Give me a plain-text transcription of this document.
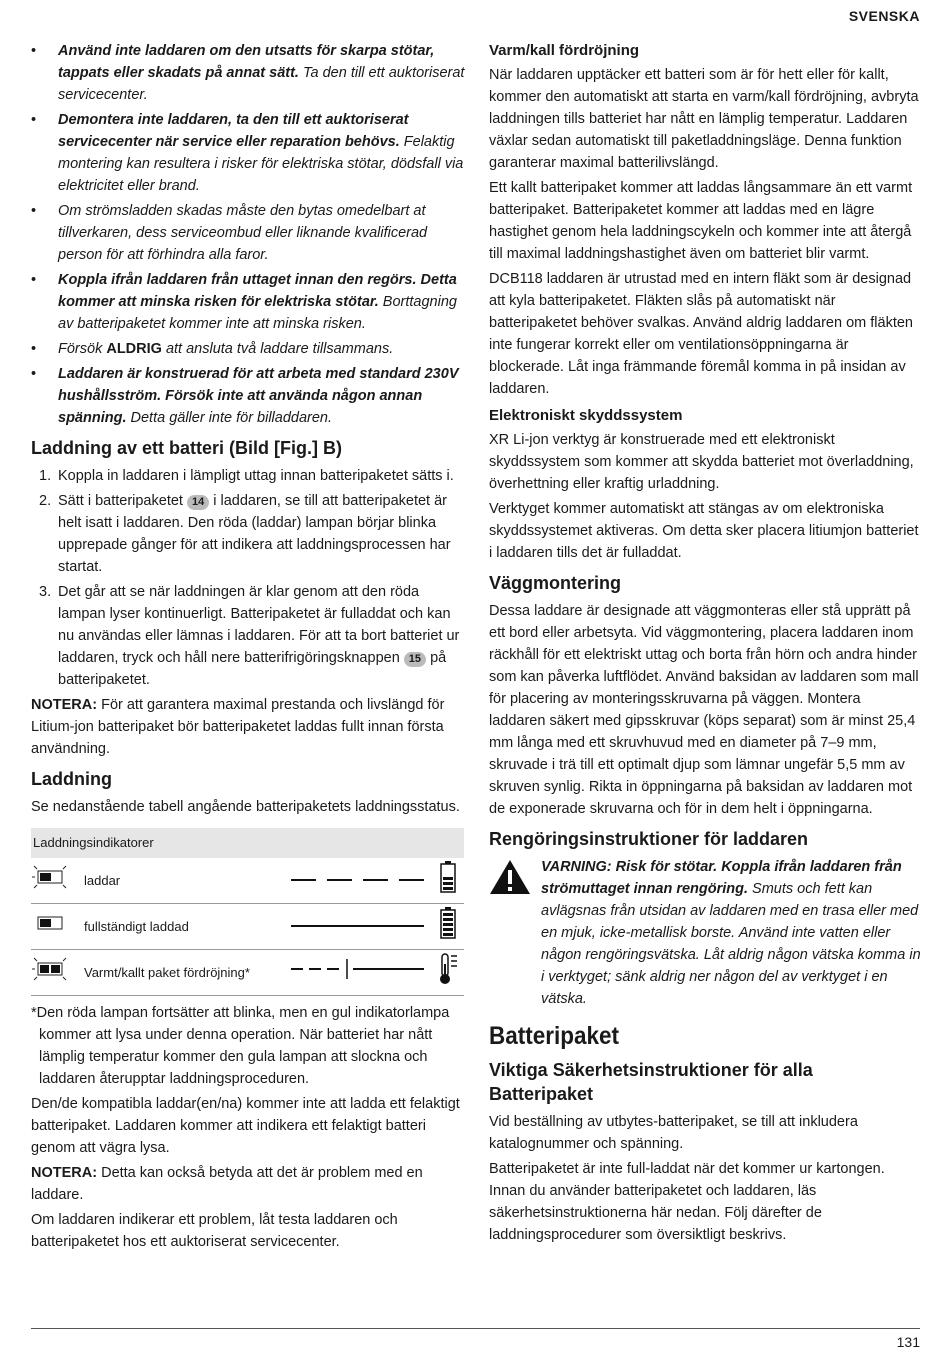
SVENSKA
• Använd inte laddaren om den utsatts för skarpa stötar, tappats eller skadats på annat sätt. Ta den till ett auktoriserat servicecenter.
• Demontera inte laddaren, ta den till ett auktoriserat servicecenter när service eller reparation behövs. Felaktig montering kan resultera i risker för elektriska stötar, dödsfall via elektricitet eller brand.
• Om strömsladden skadas måste den bytas omedelbart at tillverkaren, dess serviceombud eller liknande kvalificerad person för att förhindra alla faror.
• Koppla ifrån laddaren från uttaget innan den regörs. Detta kommer att minska risken för elektriska stötar. Borttagning av batteripaketet kommer inte att minska risken.
• Försök ALDRIG att ansluta två laddare tillsammans.
• Laddaren är konstruerad för att arbeta med standard 230V hushållsström. Försök inte att använda någon annan spänning. Detta gäller inte för billaddaren.
Laddning av ett batteri (Bild [Fig.] B)
1. Koppla in laddaren i lämpligt uttag innan batteripaketet sätts i.
2. Sätt i batteripaketet 14 i laddaren, se till att batteripaketet är helt isatt i laddaren. Den röda (laddar) lampan börjar blinka upprepade gånger för att indikera att laddningsprocessen har startat.
3. Det går att se när laddningen är klar genom att den röda lampan lyser kontinuerligt. Batteripaketet är fulladdat och kan nu användas eller lämnas i laddaren. För att ta bort batteriet ur laddaren, tryck och håll nere batterifrigöringsknappen 15 på batteripaketet.

NOTERA: För att garantera maximal prestanda och livslängd för Litium-jon batteripaket bör batteripaketet laddas fullt innan första användning.

Laddning

Se nedanstående tabell angående batteripaketets laddningsstatus.

Laddningsindikatorer			
	laddar		
	fullständigt laddad		
	Varmt/kallt paket fördröjning*		

*Den röda lampan fortsätter att blinka, men en gul indikatorlampa kommer att lysa under denna operation. När batteriet har nått lämplig temperatur kommer den gula lampan att slockna och laddaren återupptar laddningsproceduren.

Den/de kompatibla laddar(en/na) kommer inte att ladda ett felaktigt batteripaket. Laddaren kommer att indikera ett felaktigt batteri genom att vägra lysa.

NOTERA: Detta kan också betyda att det är problem med en laddare.

Om laddaren indikerar ett problem, låt testa laddaren och batteripaketet hos ett auktoriserat servicecenter.

Varm/kall fördröjning

När laddaren upptäcker ett batteri som är för hett eller för kallt, kommer den automatiskt att starta en varm/kall fördröjning, avbryta laddningen tills batteriet har nått en lämplig temperatur. Laddaren växlar sedan automatiskt till paketladdningsläge. Denna funktion garanterar maximal batterilivslängd.

Ett kallt batteripaket kommer att laddas långsammare än ett varmt batteripaket. Batteripaketet kommer att laddas med en lägre hastighet genom hela laddningscykeln och kommer inte att återgå till maximal laddningshastighet även om batteriet blir varmt.

DCB118 laddaren är utrustad med en intern fläkt som är designad att kyla batteripaketet. Fläkten slås på automatiskt när batteripaketet behöver svalkas. Använd aldrig laddaren om fläkten inte fungerar korrekt eller om ventilationsöppningarna är blockerade. Låt inga främmande föremål komma in på insidan av laddaren.

Elektroniskt skyddssystem

XR Li-jon verktyg är konstruerade med ett elektroniskt skyddssystem som kommer att skydda batteriet mot överladdning, överhettning eller kraftig urladdning.

Verktyget kommer automatiskt att stängas av om elektroniska skyddssystemet aktiveras. Om detta sker placera litiumjon batteriet i laddaren tills det är fulladdat.

Väggmontering

Dessa laddare är designade att väggmonteras eller stå upprätt på ett bord eller arbetsyta. Vid väggmontering, placera laddaren inom räckhåll för ett elektriskt uttag och borta från hörn och andra hinder som kan påverka luftflödet. Använd baksidan av laddaren som mall för placering av monteringsskruvarna på väggen. Montera laddaren säkert med gipsskruvar (köps separat) som är minst 25,4 mm långa med ett skruvhuvud med en diameter på 7–9 mm, skruvade i trä till ett optimalt djup som lämnar ungefär 5,5 mm av skruven synlig. Rikta in öppningarna på baksidan av laddaren mot de exponerade skruvarna och för in dem helt i öppningarna.

Rengöringsinstruktioner för laddaren
VARNING: Risk för stötar. Koppla ifrån laddaren från strömuttaget innan rengöring. Smuts och fett kan avlägsnas från utsidan av laddaren med en trasa eller med en mjuk, icke-metallisk borste. Använd inte vatten eller någon rengöringsvätska. Låt aldrig någon vätska komma in i verktyget; sänk aldrig ner någon del av verktyget i en vätska.
Batteripaket
Viktiga Säkerhetsinstruktioner för alla Batteripaket

Vid beställning av utbytes-batteripaket, se till att inkludera katalognummer och spänning.

Batteripaketet är inte full-laddat när det kommer ur kartongen. Innan du använder batteripaketet och laddaren, läs säkerhetsinstruktionerna här nedan. Följ därefter de laddningsprocedurer som översiktligt beskrivs.

131
